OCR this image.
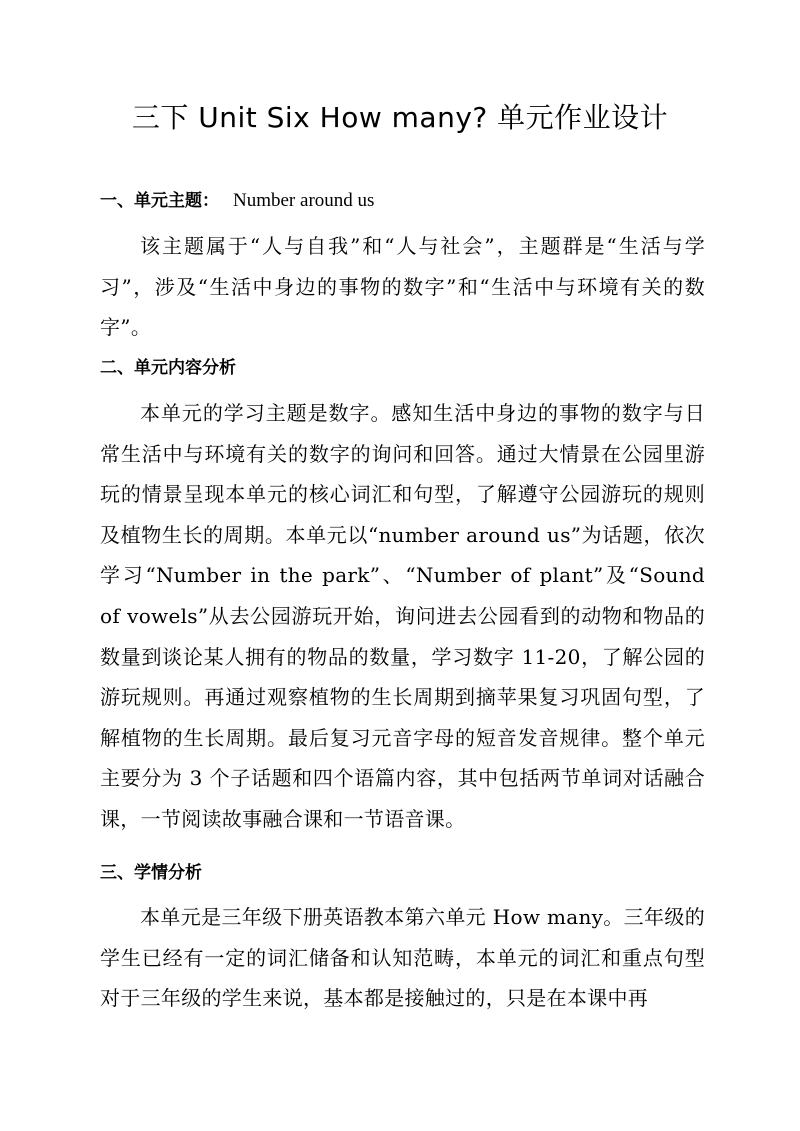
三下 Unit Six How many? 单元作业设计
一、单元主题： Number around us

该主题属于“人与自我”和“人与社会”，主题群是“生活与学习”，涉及“生活中身边的事物的数字”和“生活中与环境有关的数字”。

二、单元内容分析

本单元的学习主题是数字。感知生活中身边的事物的数字与日常生活中与环境有关的数字的询问和回答。通过大情景在公园里游玩的情景呈现本单元的核心词汇和句型，了解遵守公园游玩的规则及植物生长的周期。本单元以“number around us”为话题，依次学习“Number in the park”、“Number of plant”及“Sound of vowels”从去公园游玩开始，询问进去公园看到的动物和物品的数量到谈论某人拥有的物品的数量，学习数字 11-20，了解公园的游玩规则。再通过观察植物的生长周期到摘苹果复习巩固句型，了解植物的生长周期。最后复习元音字母的短音发音规律。整个单元主要分为 3 个子话题和四个语篇内容，其中包括两节单词对话融合课，一节阅读故事融合课和一节语音课。

三、学情分析

本单元是三年级下册英语教本第六单元 How many。三年级的学生已经有一定的词汇储备和认知范畴，本单元的词汇和重点句型对于三年级的学生来说，基本都是接触过的，只是在本课中再
